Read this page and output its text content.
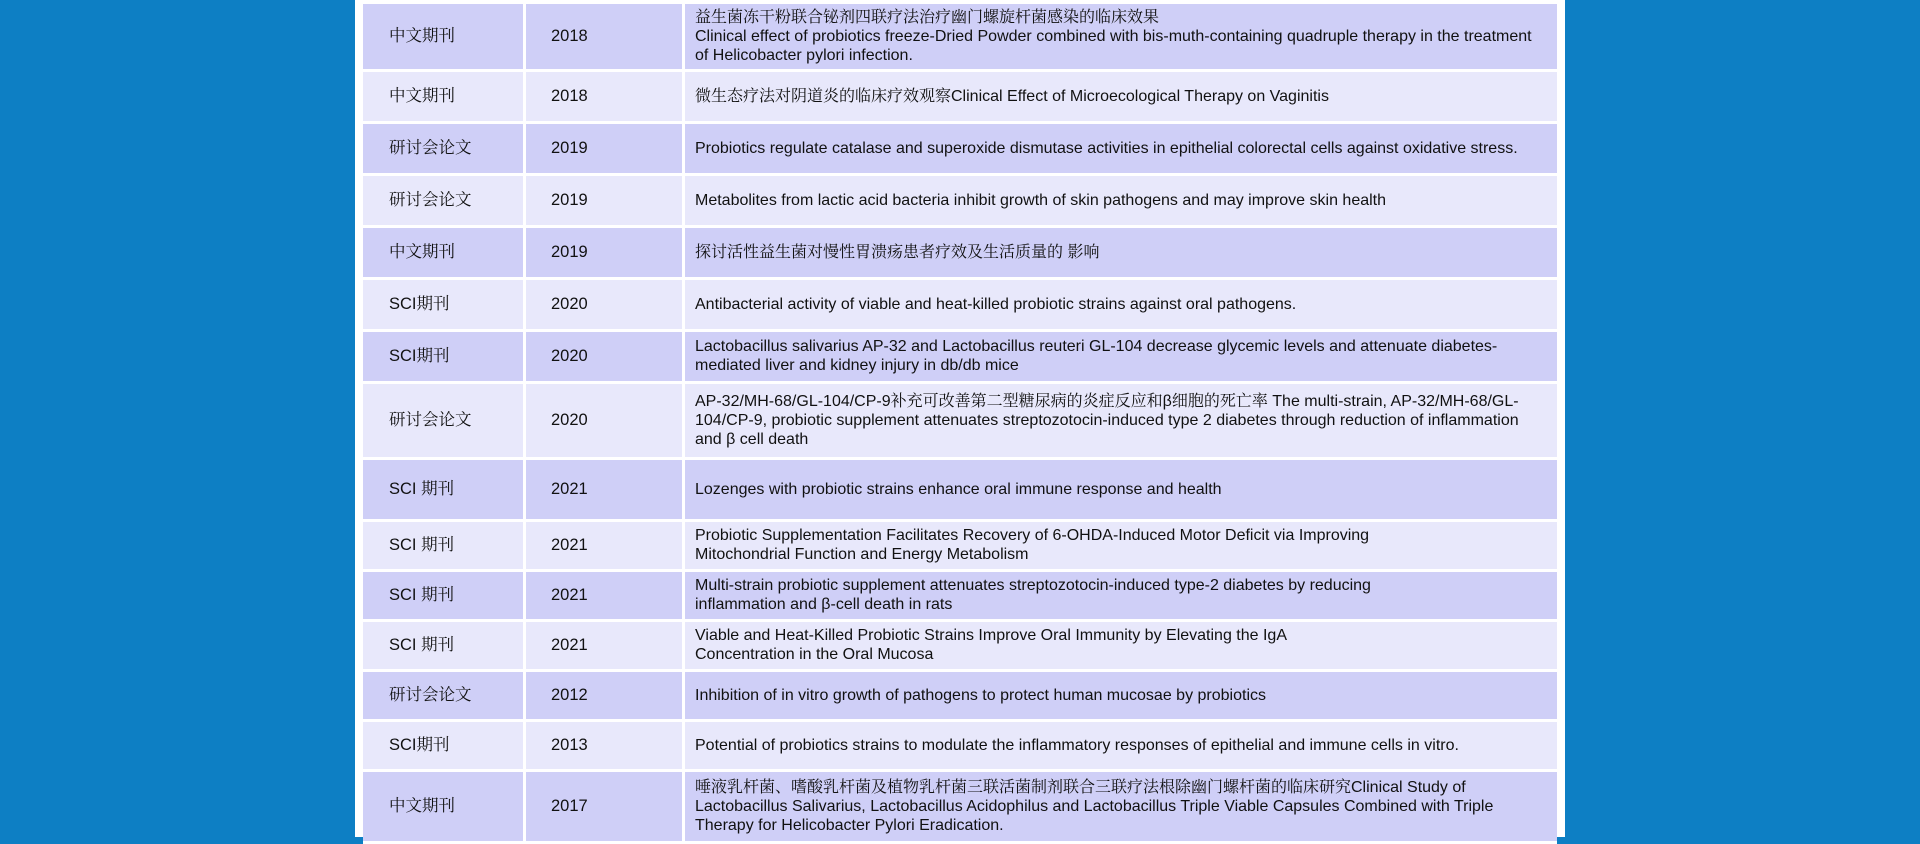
中文期刊	2018	益生菌冻干粉联合铋剂四联疗法治疗幽门螺旋杆菌感染的临床效果
Clinical effect of probiotics freeze-Dried Powder combined with bis-muth-containing quadruple therapy in the treatment of Helicobacter pylori infection.
中文期刊	2018	微生态疗法对阴道炎的临床疗效观察Clinical Effect of Microecological Therapy on Vaginitis
研讨会论文	2019	Probiotics regulate catalase and superoxide dismutase activities in epithelial colorectal cells against oxidative stress.
研讨会论文	2019	Metabolites from lactic acid bacteria inhibit growth of skin pathogens and may improve skin health
中文期刊	2019	探讨活性益生菌对慢性胃溃疡患者疗效及生活质量的 影响
SCI期刊	2020	Antibacterial activity of viable and heat-killed probiotic strains against oral pathogens.
SCI期刊	2020	Lactobacillus salivarius AP-32 and Lactobacillus reuteri GL-104 decrease glycemic levels and attenuate diabetes- mediated liver and kidney injury in db/db mice
研讨会论文	2020	AP-32/MH-68/GL-104/CP-9补充可改善第二型糖尿病的炎症反应和β细胞的死亡率 The multi-strain, AP-32/MH-68/GL-104/CP-9, probiotic supplement attenuates streptozotocin-induced type 2 diabetes through reduction of inflammation and β cell death
SCI 期刊	2021	Lozenges with probiotic strains enhance oral immune response and health
SCI 期刊	2021	Probiotic Supplementation Facilitates Recovery of 6-OHDA-Induced Motor Deficit via Improving
Mitochondrial Function and Energy Metabolism
SCI 期刊	2021	Multi-strain probiotic supplement attenuates streptozotocin-induced type-2 diabetes by reducing
inflammation and β-cell death in rats
SCI 期刊	2021	Viable and Heat-Killed Probiotic Strains Improve Oral Immunity by Elevating the IgA
Concentration in the Oral Mucosa
研讨会论文	2012	Inhibition of in vitro growth of pathogens to protect human mucosae by probiotics
SCI期刊	2013	Potential of probiotics strains to modulate the inflammatory responses of epithelial and immune cells in vitro.
中文期刊	2017	唾液乳杆菌、嗜酸乳杆菌及植物乳杆菌三联活菌制剂联合三联疗法根除幽门螺杆菌的临床研究Clinical Study of Lactobacillus Salivarius, Lactobacillus Acidophilus and Lactobacillus Triple Viable Capsules Combined with Triple Therapy for Helicobacter Pylori Eradication.
